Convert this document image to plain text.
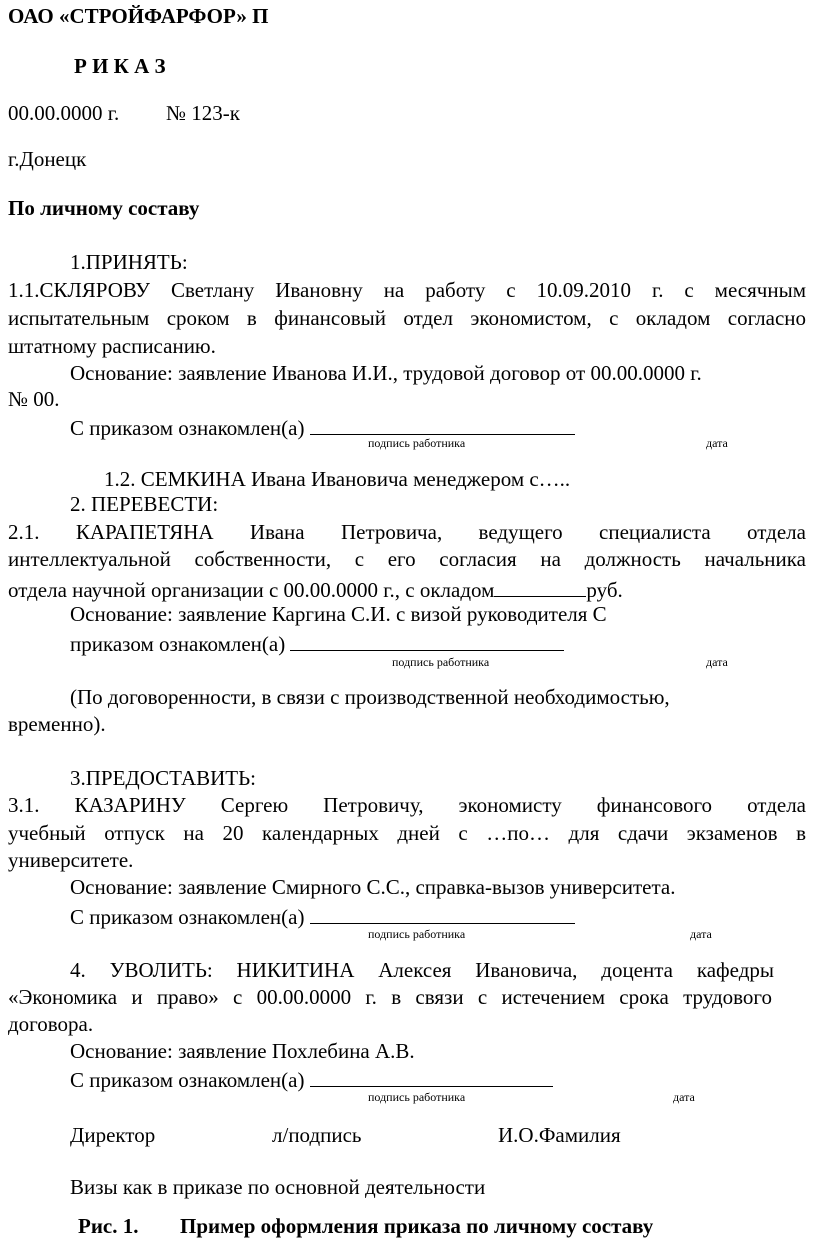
ОАО «СТРОЙФАРФОР» П
Р И К А З
00.00.0000 г. № 123-к
г.Донецк
По личному составу
1.ПРИНЯТЬ:
1.1.СКЛЯРОВУ Светлану Ивановну на работу с 10.09.2010 г. с месячным
испытательным сроком в финансовый отдел экономистом, с окладом согласно
штатному расписанию.
Основание: заявление Иванова И.И., трудовой договор от 00.00.0000 г.
№ 00.
С приказом ознакомлен(а)
подпись работника	дата
1.2. СЕМКИНА Ивана Ивановича менеджером с…..
2. ПЕРЕВЕСТИ:
2.1. КАРАПЕТЯНА Ивана Петровича, ведущего специалиста отдела
интеллектуальной собственности, с его согласия на должность начальника
отдела научной организации с 00.00.0000 г., с окладом	руб.
Основание: заявление Каргина С.И. с визой руководителя С
приказом ознакомлен(а)
подпись работника	дата
(По договоренности, в связи с производственной необходимостью,
временно).
3.ПРЕДОСТАВИТЬ:
3.1. КАЗАРИНУ Сергею Петровичу, экономисту финансового отдела
учебный отпуск на 20 календарных дней с …по… для сдачи экзаменов в
университете.
Основание: заявление Смирного С.С., справка-вызов университета.
С приказом ознакомлен(а)
подпись работника	дата
4. УВОЛИТЬ: НИКИТИНА Алексея Ивановича, доцента кафедры
«Экономика и право» с 00.00.0000 г. в связи с истечением срока трудового
договора.
Основание: заявление Похлебина А.В.
С приказом ознакомлен(а)
подпись работника	дата
Директор	л/подпись	И.О.Фамилия
Визы как в приказе по основной деятельности
Рис. 1. Пример оформления приказа по личному составу
